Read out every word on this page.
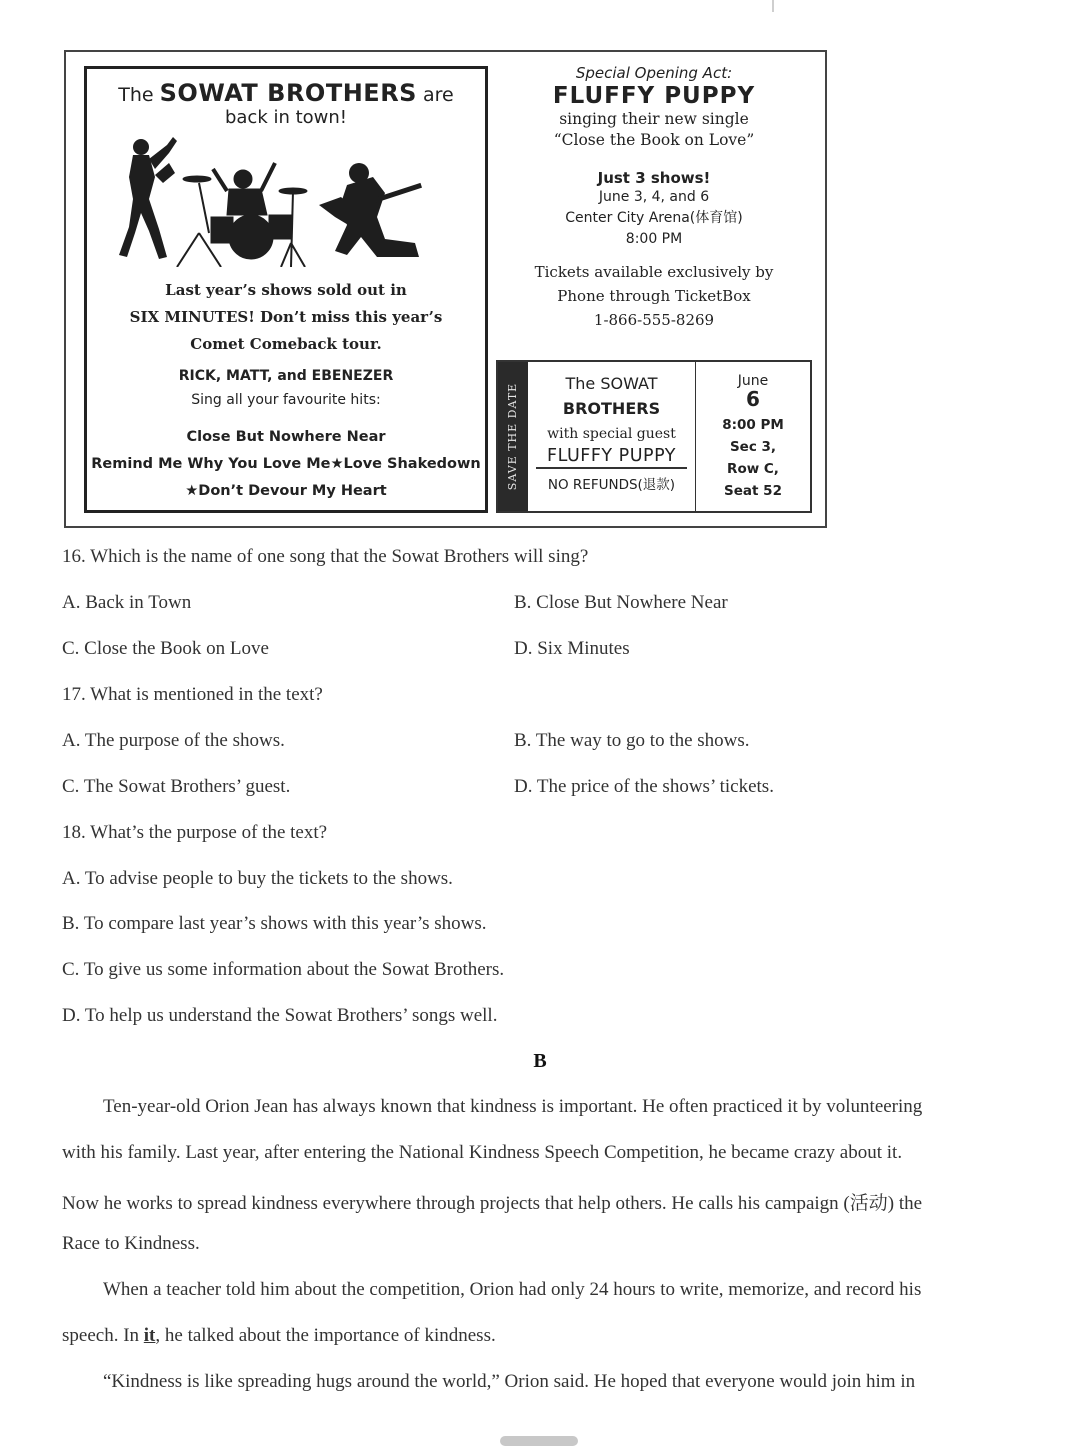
The SOWAT BROTHERS are
back in town!
Last year’s shows sold out in
SIX MINUTES! Don’t miss this year’s
Comet Comeback tour.
RICK, MATT, and EBENEZER
Sing all your favourite hits:
Close But Nowhere Near
Remind Me Why You Love Me★Love Shakedown
★Don’t Devour My Heart
Special Opening Act:
FLUFFY PUPPY
singing their new single
“Close the Book on Love”
Just 3 shows!
June 3, 4, and 6
Center City Arena(体育馆)
8:00 PM
Tickets available exclusively by
Phone through TicketBox
1-866-555-8269
SAVE THE DATE	The SOWAT
BROTHERS
with special guest
FLUFFY PUPPY
NO REFUNDS(退款)
June
6
8:00 PM
Sec 3,
Row C,
Seat 52
16. Which is the name of one song that the Sowat Brothers will sing?
A. Back in Town	B. Close But Nowhere Near
C. Close the Book on Love	D. Six Minutes
17. What is mentioned in the text?
A. The purpose of the shows.	B. The way to go to the shows.
C. The Sowat Brothers’ guest.	D. The price of the shows’ tickets.
18. What’s the purpose of the text?
A. To advise people to buy the tickets to the shows.
B. To compare last year’s shows with this year’s shows.
C. To give us some information about the Sowat Brothers.
D. To help us understand the Sowat Brothers’ songs well.
B
Ten-year-old Orion Jean has always known that kindness is important. He often practiced it by volunteering
with his family. Last year, after entering the National Kindness Speech Competition, he became crazy about it.
Now he works to spread kindness everywhere through projects that help others. He calls his campaign (活动) the
Race to Kindness.
When a teacher told him about the competition, Orion had only 24 hours to write, memorize, and record his
speech. In it, he talked about the importance of kindness.
“Kindness is like spreading hugs around the world,” Orion said. He hoped that everyone would join him in
